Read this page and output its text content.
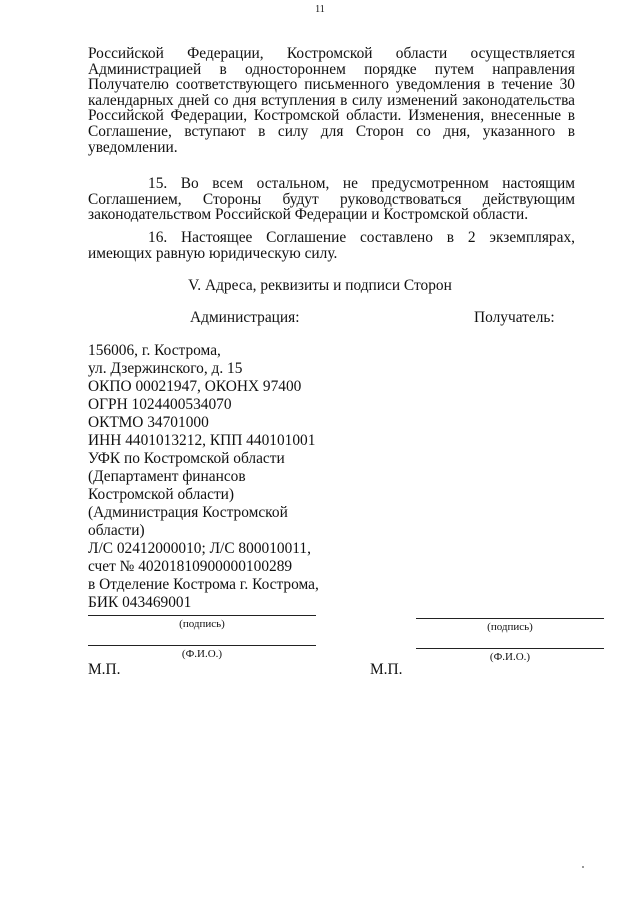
11

Российской Федерации, Костромской области осуществляется Администрацией в одностороннем порядке путем направления Получателю соответствующего письменного уведомления в течение 30 календарных дней со дня вступления в силу изменений законодательства Российской Федерации, Костромской области. Изменения, внесенные в Соглашение, вступают в силу для Сторон со дня, указанного в уведомлении.

15. Во всем остальном, не предусмотренном настоящим Соглашением, Стороны будут руководствоваться действующим законодательством Российской Федерации и Костромской области.

16. Настоящее Соглашение составлено в 2 экземплярах, имеющих равную юридическую силу.

V. Адреса, реквизиты и подписи Сторон
Администрация:	Получатель:
156006, г. Кострома,
ул. Дзержинского, д. 15
ОКПО 00021947, ОКОНХ 97400
ОГРН 1024400534070
ОКТМО 34701000
ИНН 4401013212, КПП 440101001
УФК по Костромской области
(Департамент финансов
Костромской области)
(Администрация Костромской
области)
Л/С 02412000010; Л/С 800010011,
счет № 40201810900000100289
в Отделение Кострома г. Кострома,
БИК 043469001
(подпись)
(Ф.И.О.)
М.П.
(подпись)
(Ф.И.О.)
М.П.
